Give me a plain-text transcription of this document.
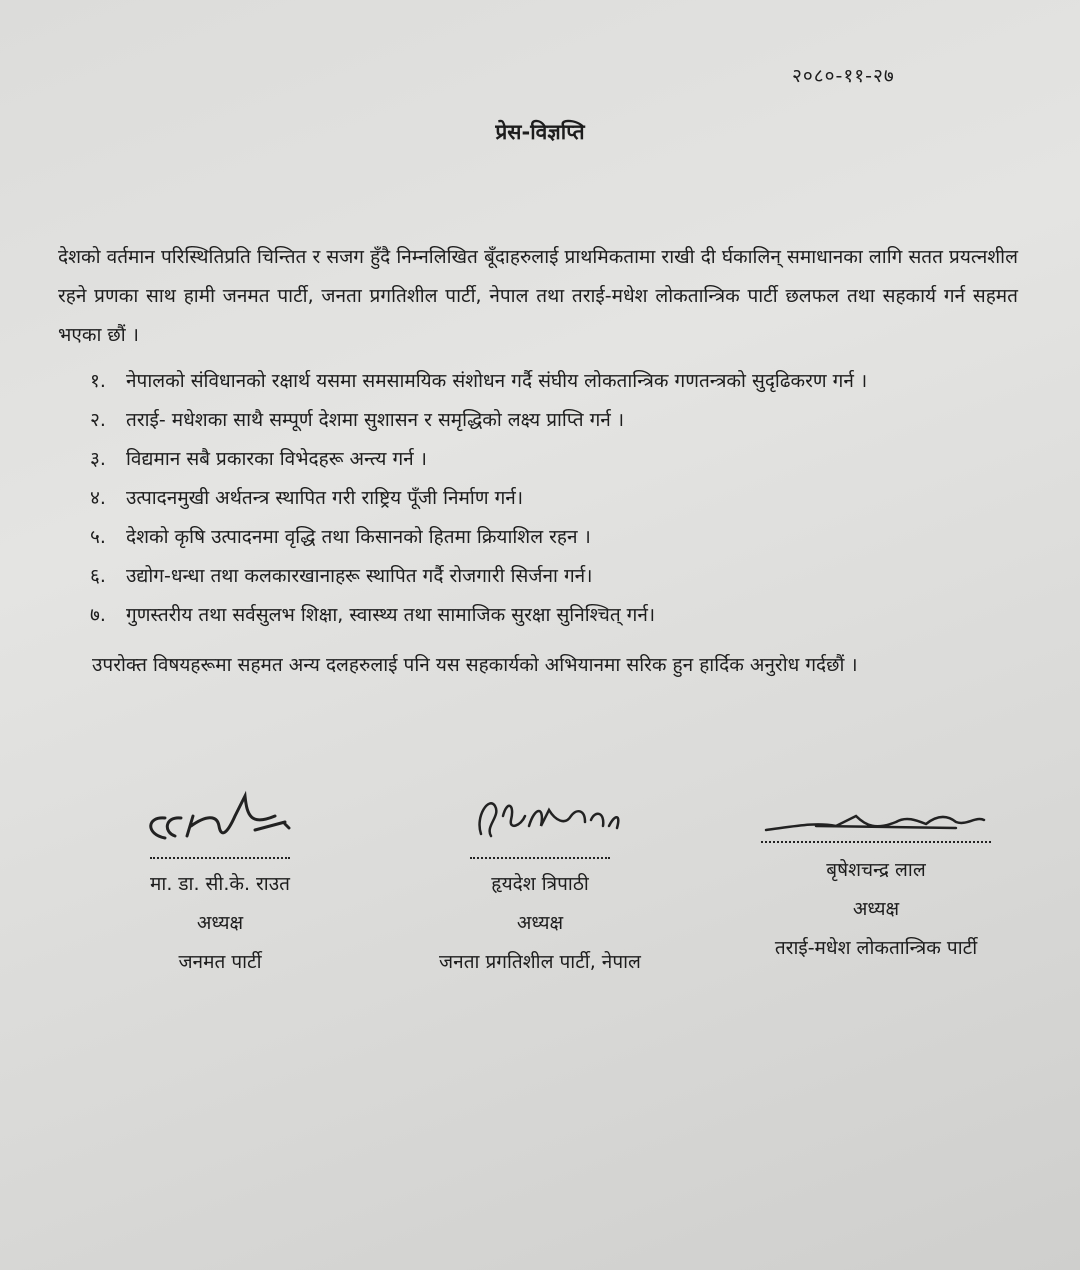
२०८०-११-२७
प्रेस-विज्ञप्ति
देशको वर्तमान परिस्थितिप्रति चिन्तित र सजग हुँदै निम्नलिखित बूँदाहरुलाई प्राथमिकतामा राखी दी र्घकालिन् समाधानका लागि सतत प्रयत्नशील रहने प्रणका साथ हामी जनमत पार्टी, जनता प्रगतिशील पार्टी, नेपाल तथा तराई-मधेश लोकतान्त्रिक पार्टी छलफल तथा सहकार्य गर्न सहमत भएका छौं ।
१. नेपालको संविधानको रक्षार्थ यसमा समसामयिक संशोधन गर्दै संघीय लोकतान्त्रिक गणतन्त्रको सुदृढिकरण गर्न ।
२. तराई- मधेशका साथै सम्पूर्ण देशमा सुशासन र समृद्धिको लक्ष्य प्राप्ति गर्न ।
३. विद्यमान सबै प्रकारका विभेदहरू अन्त्य गर्न ।
४. उत्पादनमुखी अर्थतन्त्र स्थापित गरी राष्ट्रिय पूँजी निर्माण गर्न।
५. देशको कृषि उत्पादनमा वृद्धि तथा किसानको हितमा क्रियाशिल रहन ।
६. उद्योग-धन्धा तथा कलकारखानाहरू स्थापित गर्दै रोजगारी सिर्जना गर्न।
७. गुणस्तरीय तथा सर्वसुलभ शिक्षा, स्वास्थ्य तथा सामाजिक सुरक्षा सुनिश्चित् गर्न।
उपरोक्त विषयहरूमा सहमत अन्य दलहरुलाई पनि यस सहकार्यको अभियानमा सरिक हुन हार्दिक अनुरोध गर्दछौं ।
मा. डा. सी.के. राउत
अध्यक्ष
जनमत पार्टी
हृयदेश त्रिपाठी
अध्यक्ष
जनता प्रगतिशील पार्टी, नेपाल
बृषेशचन्द्र लाल
अध्यक्ष
तराई-मधेश लोकतान्त्रिक पार्टी
